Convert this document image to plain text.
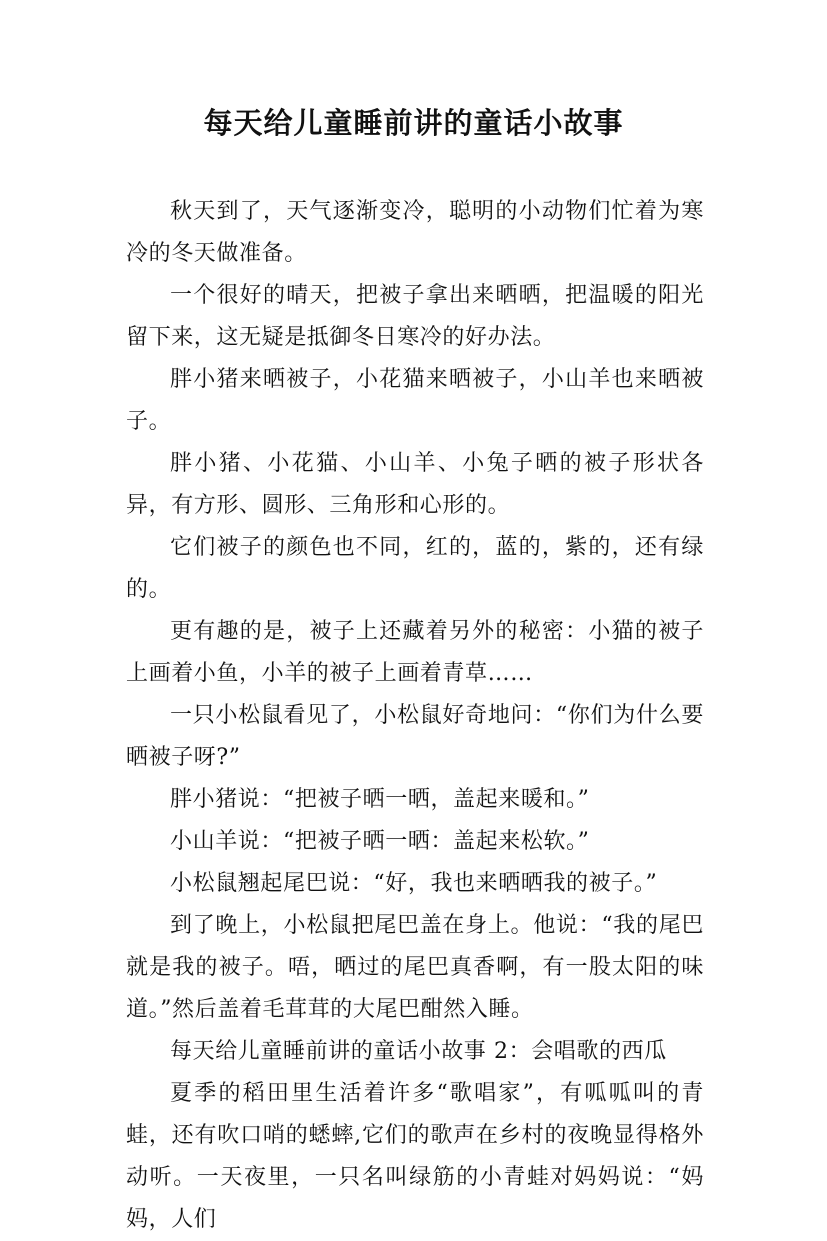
每天给儿童睡前讲的童话小故事

秋天到了，天气逐渐变冷，聪明的小动物们忙着为寒冷的冬天做准备。

一个很好的晴天，把被子拿出来晒晒，把温暖的阳光留下来，这无疑是抵御冬日寒冷的好办法。

胖小猪来晒被子，小花猫来晒被子，小山羊也来晒被子。

胖小猪、小花猫、小山羊、小兔子晒的被子形状各异，有方形、圆形、三角形和心形的。

它们被子的颜色也不同，红的，蓝的，紫的，还有绿的。

更有趣的是，被子上还藏着另外的秘密：小猫的被子上画着小鱼，小羊的被子上画着青草……

一只小松鼠看见了，小松鼠好奇地问：“你们为什么要晒被子呀?”

胖小猪说：“把被子晒一晒，盖起来暖和。”

小山羊说：“把被子晒一晒：盖起来松软。”

小松鼠翘起尾巴说：“好，我也来晒晒我的被子。”

到了晚上，小松鼠把尾巴盖在身上。他说：“我的尾巴就是我的被子。唔，晒过的尾巴真香啊，有一股太阳的味道。”然后盖着毛茸茸的大尾巴酣然入睡。

每天给儿童睡前讲的童话小故事 2：会唱歌的西瓜

夏季的稻田里生活着许多“歌唱家”，有呱呱叫的青蛙，还有吹口哨的蟋蟀,它们的歌声在乡村的夜晚显得格外动听。一天夜里，一只名叫绿筋的小青蛙对妈妈说：“妈妈，人们
